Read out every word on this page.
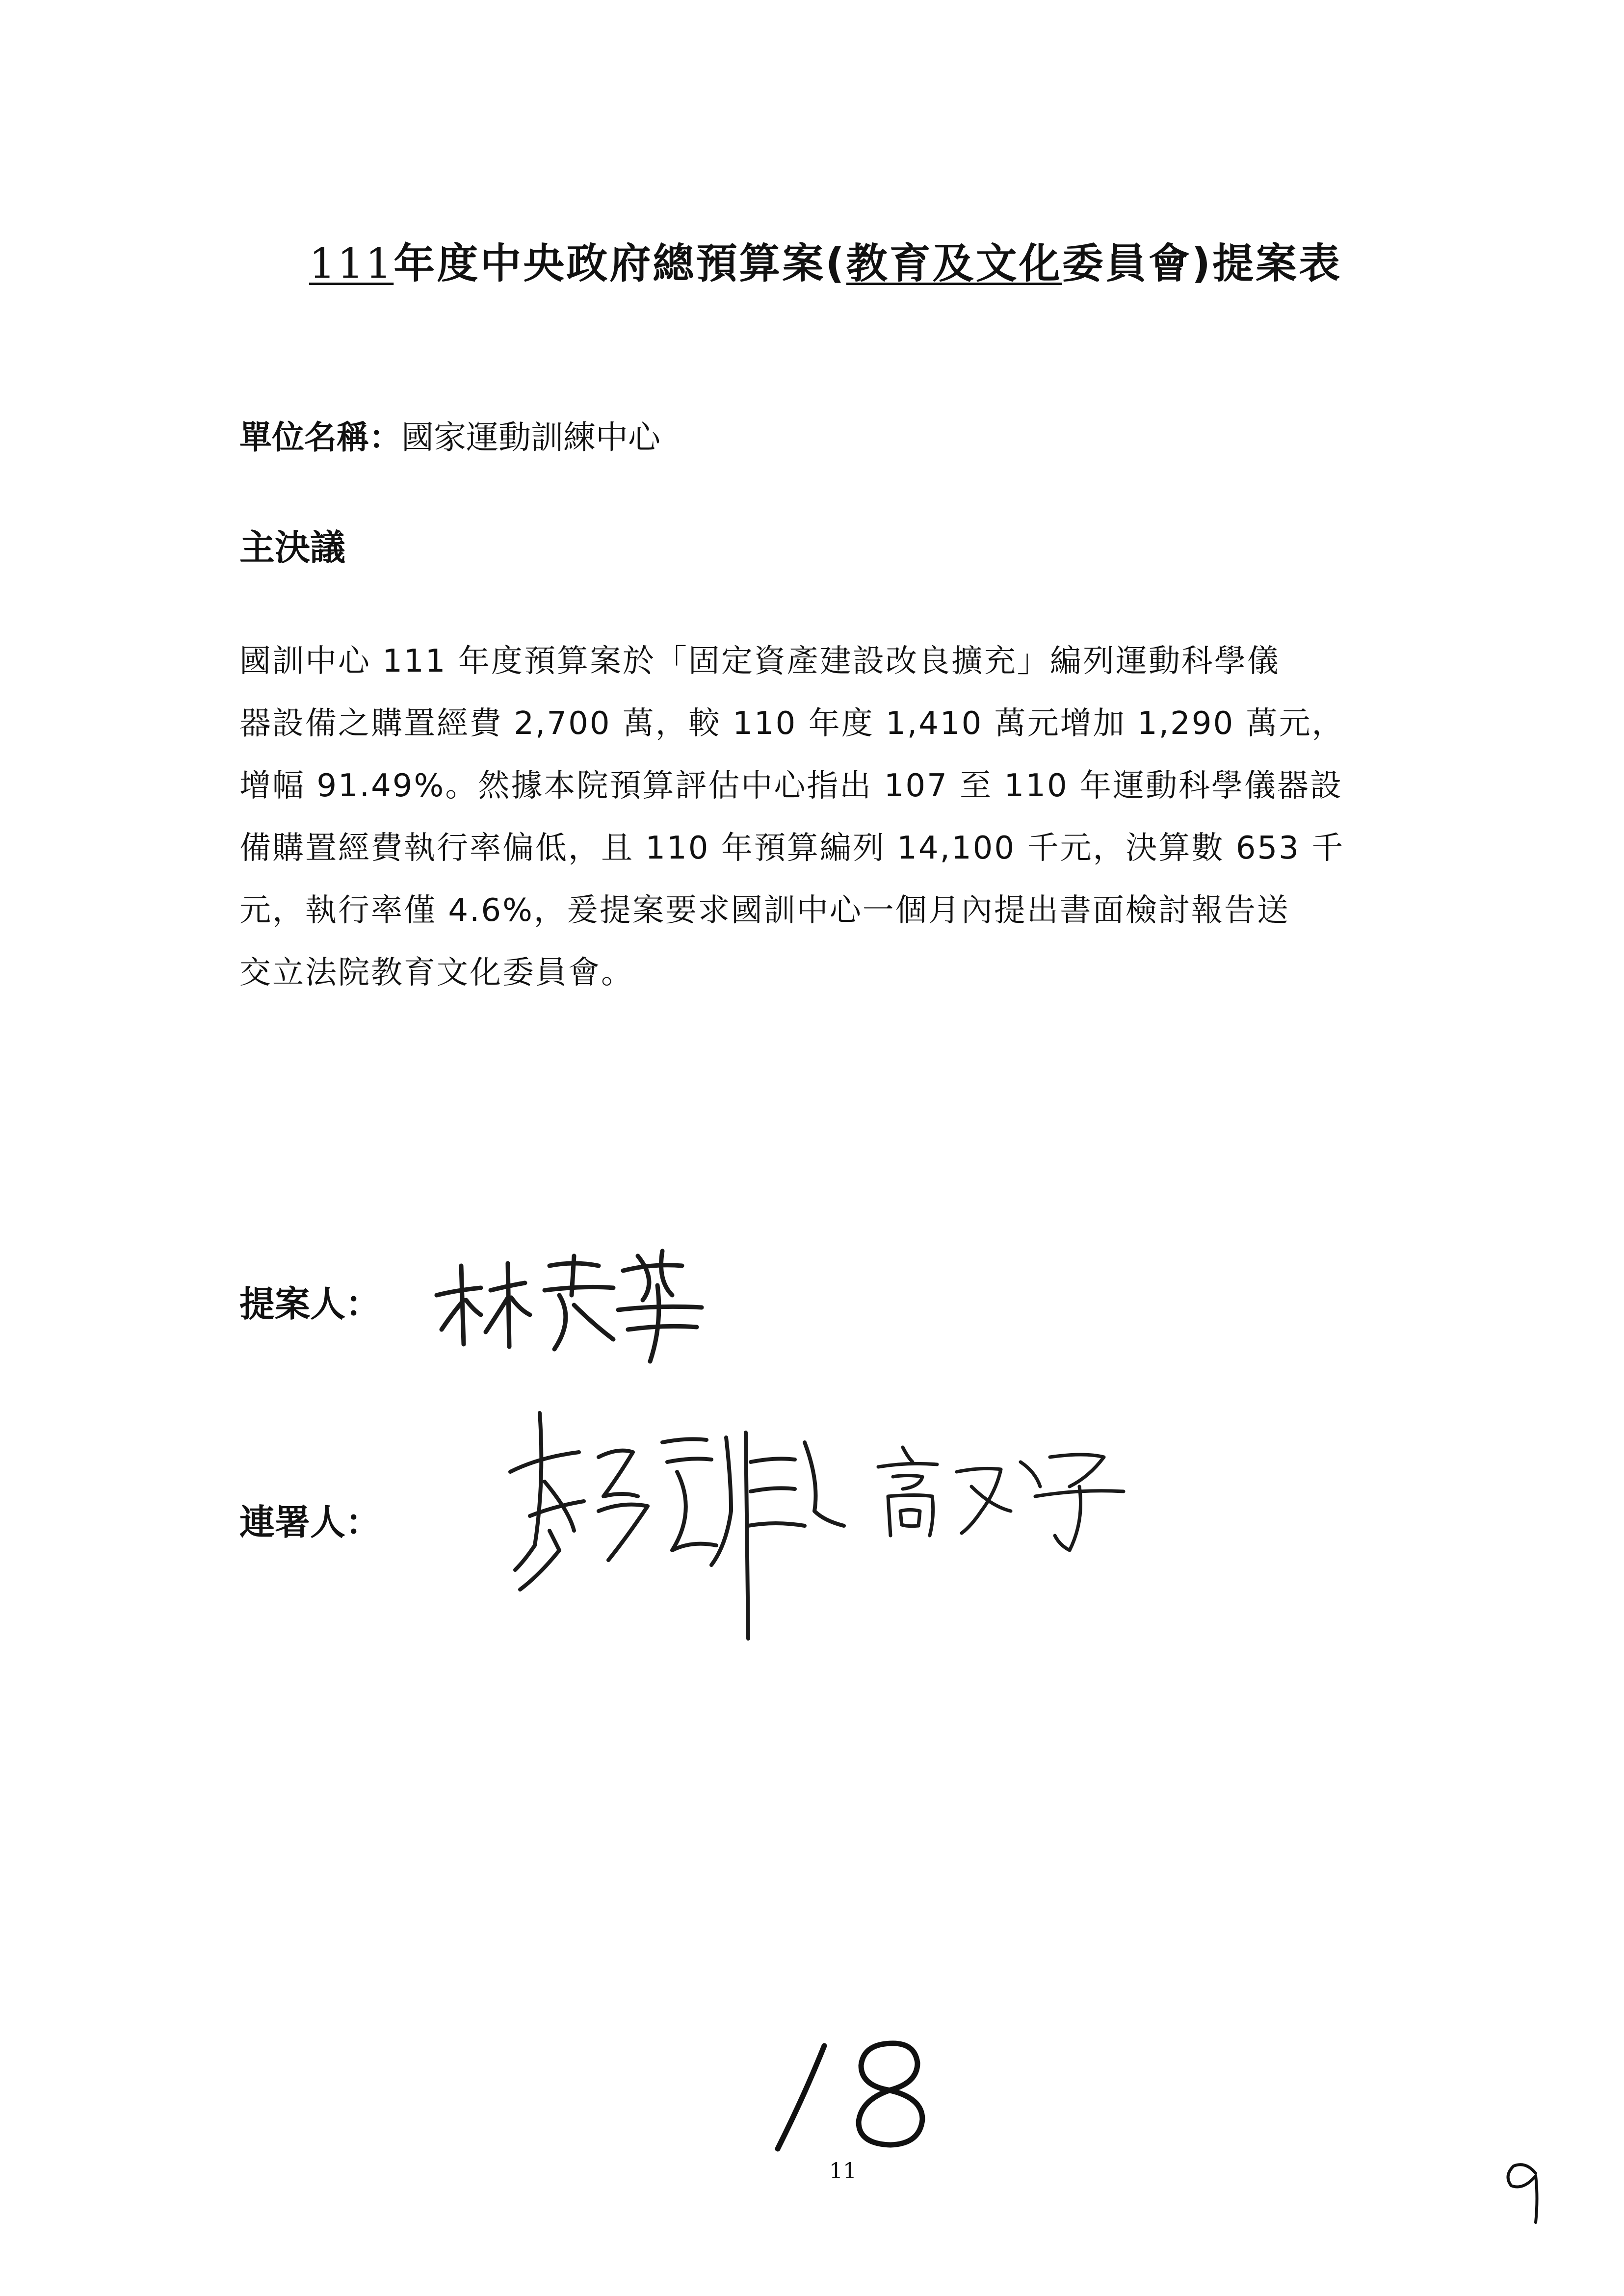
111年度中央政府總預算案(教育及文化委員會)提案表
單位名稱：國家運動訓練中心
主決議
國訓中心 111 年度預算案於「固定資產建設改良擴充」編列運動科學儀
器設備之購置經費 2,700 萬，較 110 年度 1,410 萬元增加 1,290 萬元，
增幅 91.49%。然據本院預算評估中心指出 107 至 110 年運動科學儀器設
備購置經費執行率偏低，且 110 年預算編列 14,100 千元，決算數 653 千
元，執行率僅 4.6%，爰提案要求國訓中心一個月內提出書面檢討報告送
交立法院教育文化委員會。
提案人：
連署人：
11
